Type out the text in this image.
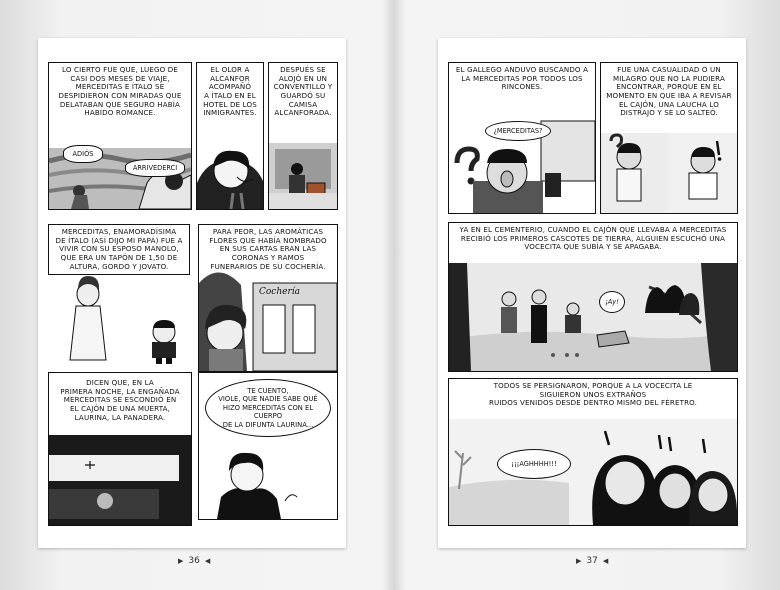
LO CIERTO FUE QUE, LUEGO DE
CASI DOS MESES DE VIAJE,
MERCEDITAS E ÍTALO SE
DESPIDIERON CON MIRADAS QUE
DELATABAN QUE SEGURO HABÍA
HABIDO ROMANCE.
ADIÓS
ARRIVEDERCI
EL OLOR A
ALCANFOR
ACOMPAÑÓ
A ÍTALO EN EL
HOTEL DE LOS
INMIGRANTES.
DESPUÉS SE
ALOJÓ EN UN
CONVENTILLO Y
GUARDÓ SU
CAMISA
ALCANFORADA.
MERCEDITAS, ENAMORADÍSIMA
DE ÍTALO (ASÍ DIJO MI PAPÁ) FUE A
VIVIR CON SU ESPOSO MANOLO,
QUE ERA UN TAPÓN DE 1,50 DE
ALTURA, GORDO Y JOVATO.
PARA PEOR, LAS AROMÁTICAS
FLORES QUE HABÍA NOMBRADO
EN SUS CARTAS ERAN LAS
CORONAS Y RAMOS
FUNERARIOS DE SU COCHERÍA.
Cochería
DICEN QUE, EN LA
PRIMERA NOCHE, LA ENGAÑADA
MERCEDITAS SE ESCONDIÓ EN
EL CAJÓN DE UNA MUERTA,
LAURINA, LA PANADERA.
TE CUENTO,
VIOLE, QUE NADIE SABE QUÉ
HIZO MERCEDITAS CON EL
CUERPO
DE LA DIFUNTA LAURINA...
▶ 36 ◀
EL GALLEGO ANDUVO BUSCANDO A
LA MERCEDITAS POR TODOS LOS
RINCONES.
¿MERCEDITAS?
FUE UNA CASUALIDAD O UN
MILAGRO QUE NO LA PUDIERA
ENCONTRAR, PORQUE EN EL
MOMENTO EN QUE IBA A REVISAR
EL CAJÓN, UNA LAUCHA LO
DISTRAJO Y SE LO SALTEÓ.
YA EN EL CEMENTERIO, CUANDO EL CAJÓN QUE LLEVABA A MERCEDITAS
RECIBIÓ LOS PRIMEROS CASCOTES DE TIERRA, ALGUIEN ESCUCHÓ UNA
VOCECITA QUE SUBÍA Y SE APAGABA.
¡Ay!
TODOS SE PERSIGNARON, PORQUE A LA VOCECITA LE
SIGUIERON UNOS EXTRAÑOS
RUIDOS VENIDOS DESDE DENTRO MISMO DEL FÉRETRO.
¡¡¡AGHHHH!!!
▶ 37 ◀
